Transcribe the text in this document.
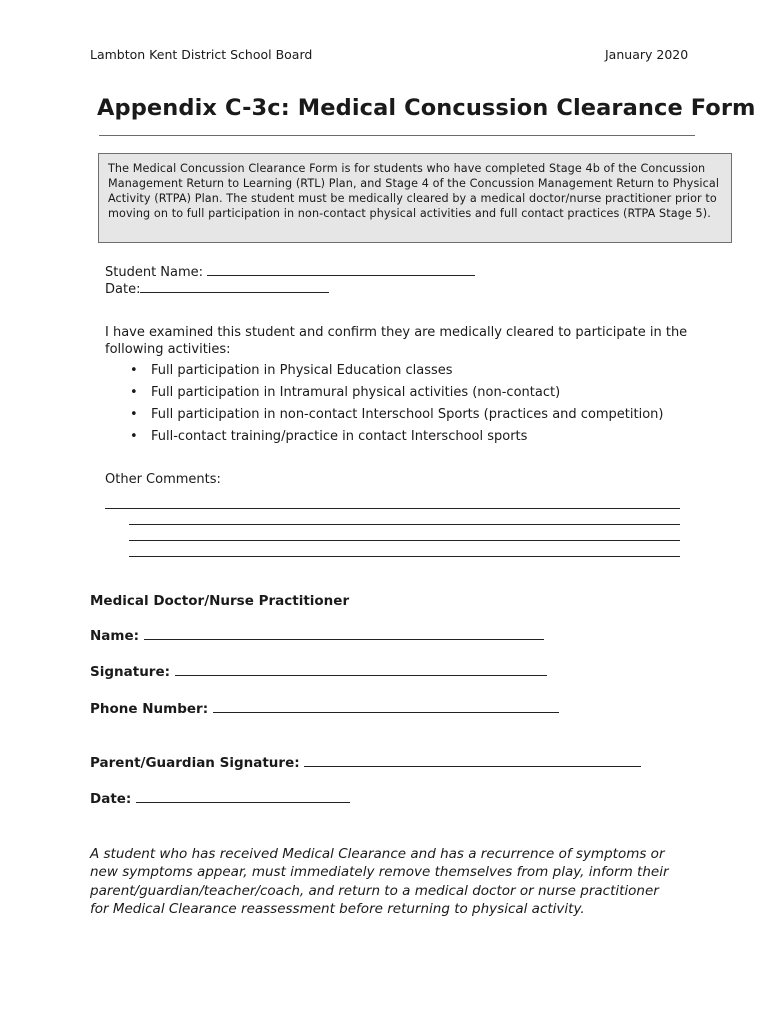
Lambton Kent District School Board	January 2020
Appendix C-3c: Medical Concussion Clearance Form
The Medical Concussion Clearance Form is for students who have completed Stage 4b of the Concussion
Management Return to Learning (RTL) Plan, and Stage 4 of the Concussion Management Return to Physical
Activity (RTPA) Plan. The student must be medically cleared by a medical doctor/nurse practitioner prior to
moving on to full participation in non-contact physical activities and full contact practices (RTPA Stage 5).
Student Name:
Date:
I have examined this student and confirm they are medically cleared to participate in the
following activities:
•	Full participation in Physical Education classes
•	Full participation in Intramural physical activities (non-contact)
•	Full participation in non-contact Interschool Sports (practices and competition)
•	Full-contact training/practice in contact Interschool sports
Other Comments:
Medical Doctor/Nurse Practitioner
Name:
Signature:
Phone Number:
Parent/Guardian Signature:
Date:
A student who has received Medical Clearance and has a recurrence of symptoms or
new symptoms appear, must immediately remove themselves from play, inform their
parent/guardian/teacher/coach, and return to a medical doctor or nurse practitioner
for Medical Clearance reassessment before returning to physical activity.
